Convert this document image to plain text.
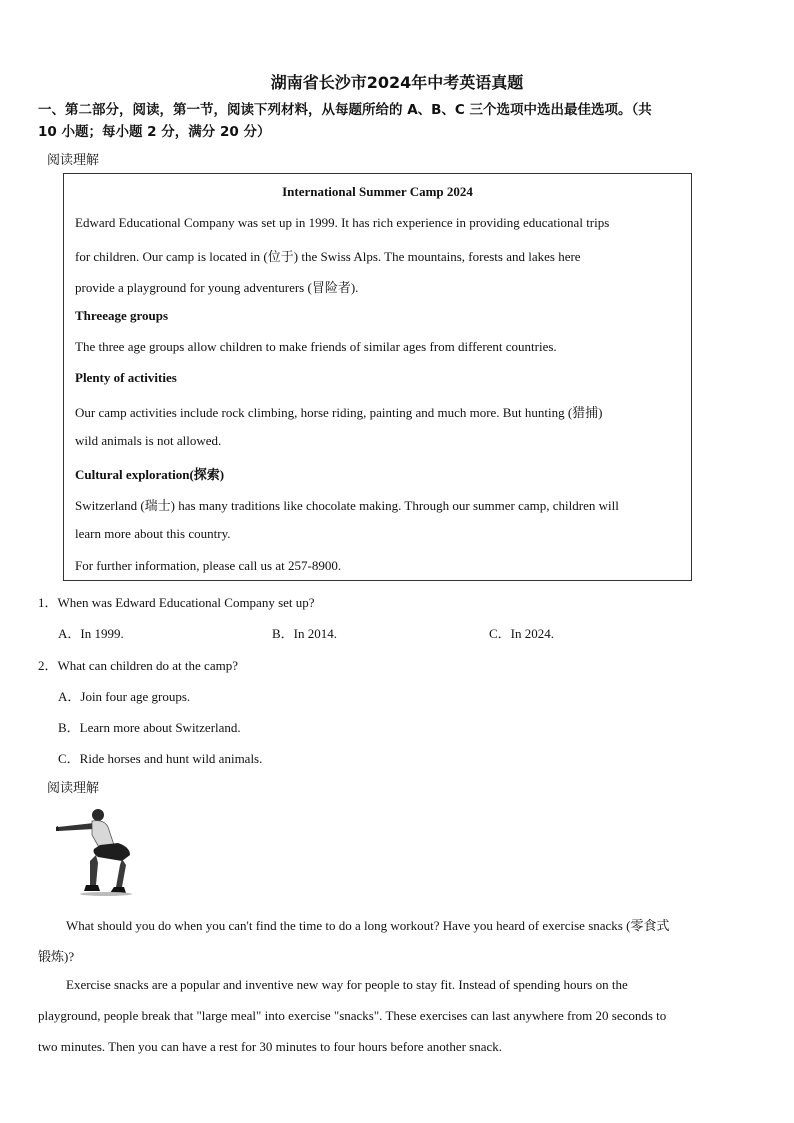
湖南省长沙市2024年中考英语真题
一、第二部分，阅读，第一节，阅读下列材料，从每题所给的 A、B、C 三个选项中选出最佳选项。（共
10 小题；每小题 2 分，满分 20 分）
阅读理解
International Summer Camp 2024
Edward Educational Company was set up in 1999. It has rich experience in providing educational trips
for children. Our camp is located in (位于) the Swiss Alps. The mountains, forests and lakes here
provide a playground for young adventurers (冒险者).
Threeage groups
The three age groups allow children to make friends of similar ages from different countries.
Plenty of activities
Our camp activities include rock climbing, horse riding, painting and much more. But hunting (猎捕)
wild animals is not allowed.
Cultural exploration(探索)
Switzerland (瑞士) has many traditions like chocolate making. Through our summer camp, children will
learn more about this country.
For further information, please call us at 257-8900.
1．When was Edward Educational Company set up?
A．In 1999.	B．In 2014.	C．In 2024.
2．What can children do at the camp?
A．Join four age groups.
B．Learn more about Switzerland.
C．Ride horses and hunt wild animals.
阅读理解
What should you do when you can't find the time to do a long workout? Have you heard of exercise snacks (零食式
锻炼)?
Exercise snacks are a popular and inventive new way for people to stay fit. Instead of spending hours on the
playground, people break that "large meal" into exercise "snacks". These exercises can last anywhere from 20 seconds to
two minutes. Then you can have a rest for 30 minutes to four hours before another snack.
